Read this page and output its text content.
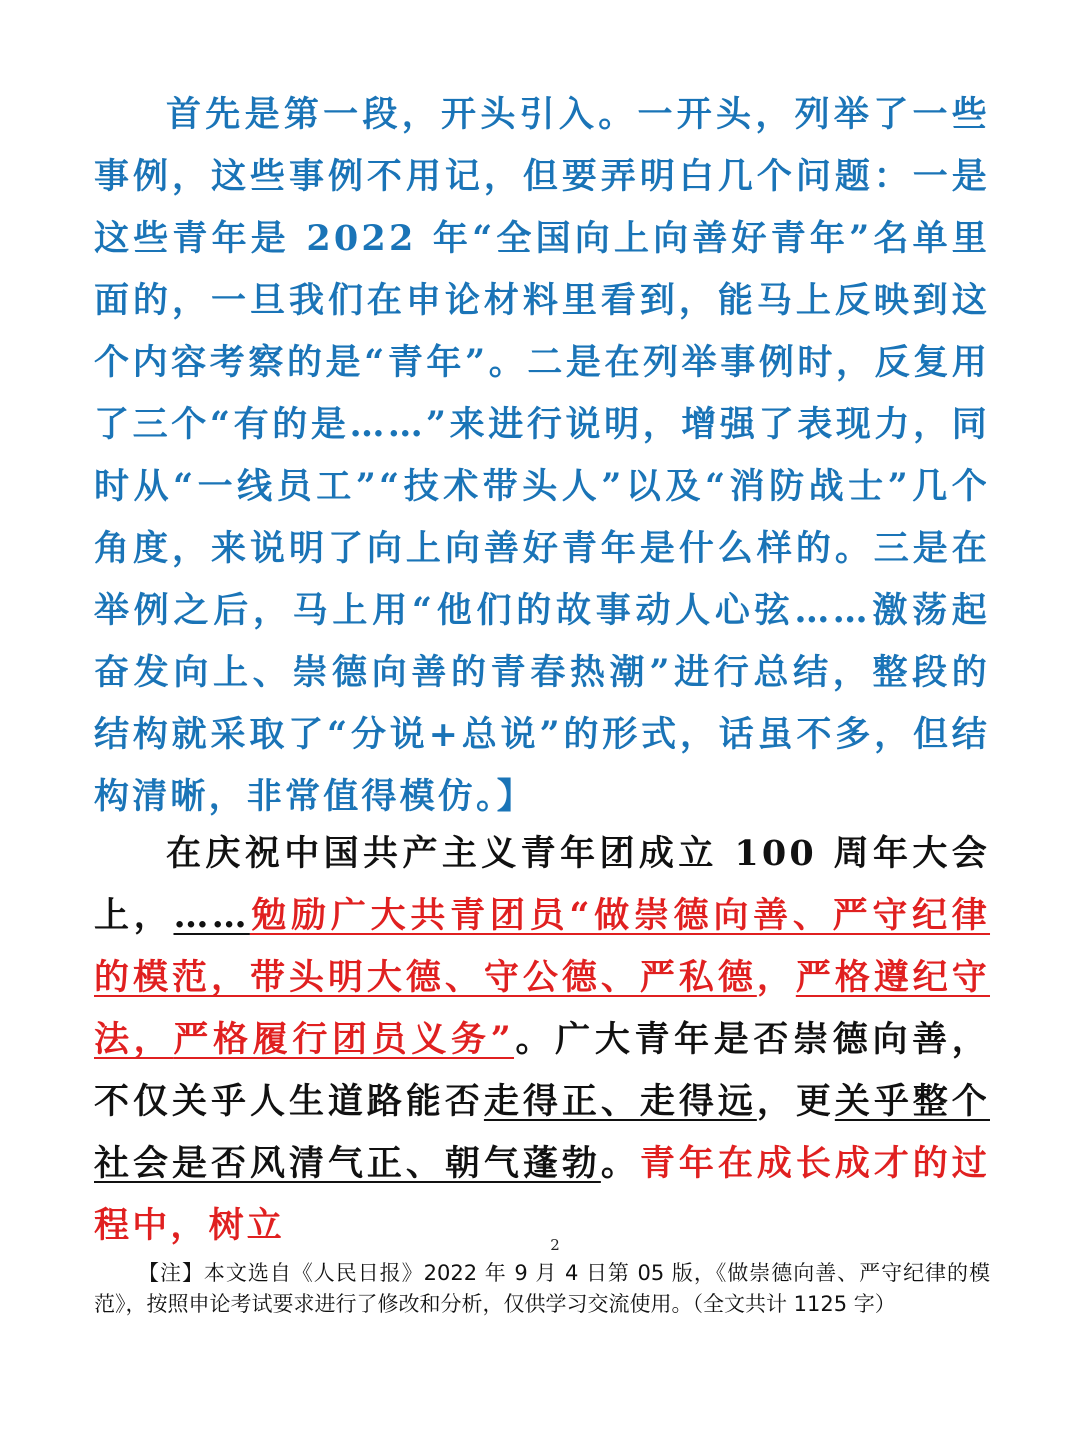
首先是第一段，开头引入。一开头，列举了一些事例，这些事例不用记，但要弄明白几个问题：一是这些青年是 2022 年“全国向上向善好青年”名单里面的，一旦我们在申论材料里看到，能马上反映到这个内容考察的是“青年”。二是在列举事例时，反复用了三个“有的是……”来进行说明，增强了表现力，同时从“一线员工”“技术带头人”以及“消防战士”几个角度，来说明了向上向善好青年是什么样的。三是在举例之后，马上用“他们的故事动人心弦……激荡起奋发向上、崇德向善的青春热潮”进行总结，整段的结构就采取了“分说+总说”的形式，话虽不多，但结构清晰，非常值得模仿。】

在庆祝中国共产主义青年团成立 100 周年大会上，……勉励广大共青团员“做崇德向善、严守纪律的模范，带头明大德、守公德、严私德，严格遵纪守法，严格履行团员义务”。广大青年是否崇德向善，不仅关乎人生道路能否走得正、走得远，更关乎整个社会是否风清气正、朝气蓬勃。青年在成长成才的过程中，树立	2

【注】本文选自《人民日报》2022 年 9 月 4 日第 05 版，《做崇德向善、严守纪律的模范》，按照申论考试要求进行了修改和分析，仅供学习交流使用。（全文共计 1125 字）
